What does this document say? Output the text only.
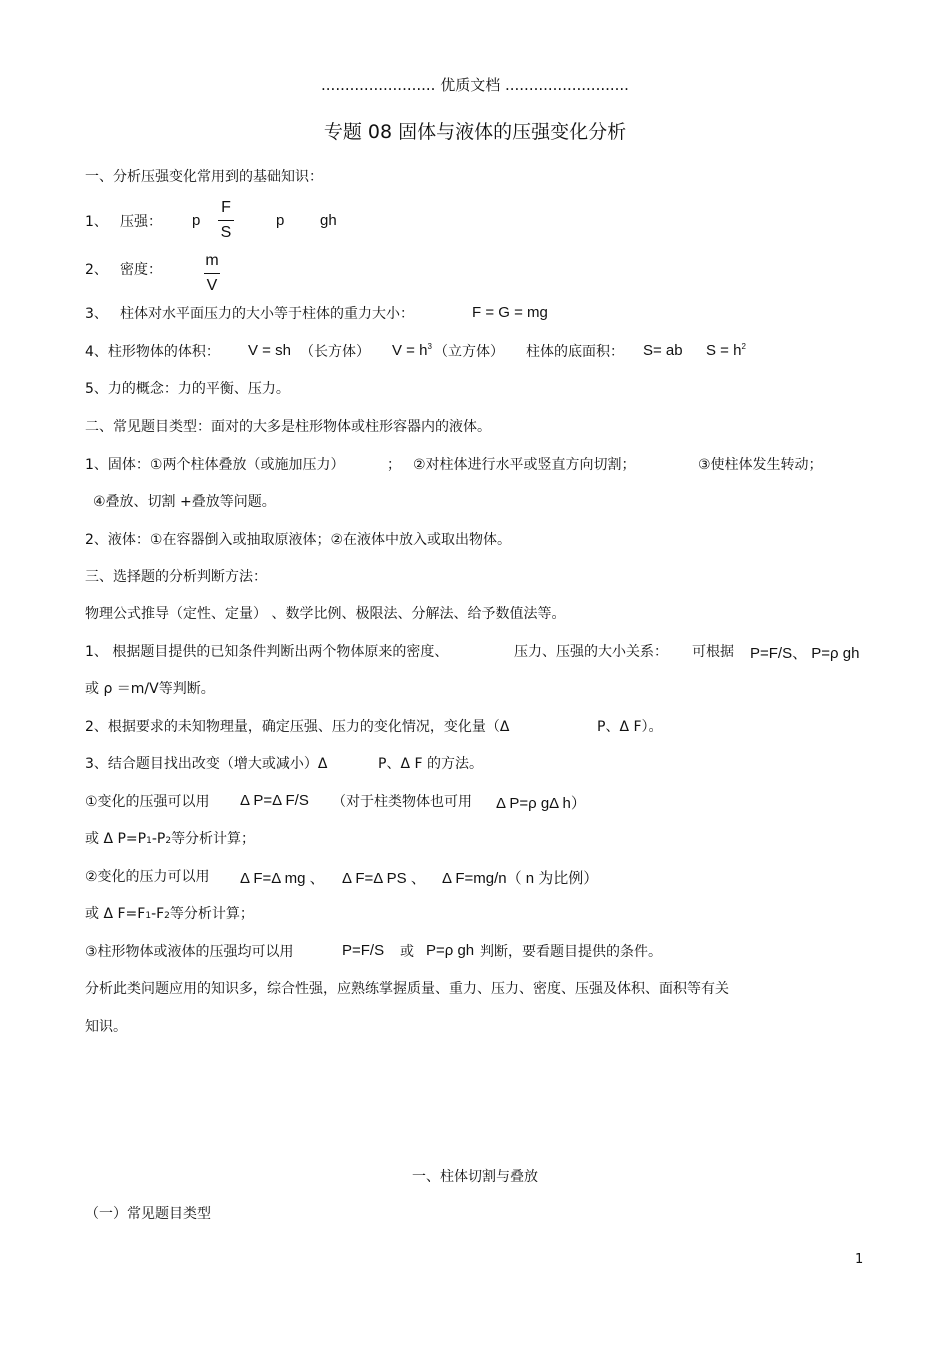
........................ 优质文档 ..........................
专题 08 固体与液体的压强变化分析
一、分析压强变化常用到的基础知识：
1、 压强： p $\frac{F}{S}$	p gh
2、 密度：	$\frac{m}{V}$
3、 柱体对水平面压力的大小等于柱体的重力大小：	F = G = mg
4、柱形物体的体积： V = sh （长方体） $V = h^3$ （立方体） 柱体的底面积： S= ab $S = h^2$
5、力的概念：力的平衡、压力。
二、常见题目类型：面对的大多是柱形物体或柱形容器内的液体。
1、固体：①两个柱体叠放（或施加压力）	； ②对柱体进行水平或竖直方向切割；	③使柱体发生转动；
④叠放、切割 +叠放等问题。
2、液体：①在容器倒入或抽取原液体；②在液体中放入或取出物体。
三、选择题的分析判断方法：
物理公式推导（定性、定量） 、数学比例、极限法、分解法、给予数值法等。
1、 根据题目提供的已知条件判断出两个物体原来的密度、	压力、压强的大小关系： 可根据 P=F/S、 P=ρ gh
或 ρ ＝m/V等判断。
2、根据要求的未知物理量，确定压强、压力的变化情况，变化量（Δ	P、Δ F）。
3、结合题目找出改变（增大或减小）Δ	P、Δ F 的方法。
①变化的压强可以用 Δ P=Δ F/S （对于柱类物体也可用 Δ P=ρ gΔ h）
或 Δ P=P1-P2等分析计算；
②变化的压力可以用 Δ F=Δ mg 、 Δ F=Δ PS 、 Δ F=mg/n（ n 为比例）
或 Δ F=F1-F2等分析计算；
③柱形物体或液体的压强均可以用	P=F/S 或 P=ρ gh 判断，要看题目提供的条件。
分析此类问题应用的知识多，综合性强，应熟练掌握质量、重力、压力、密度、压强及体积、面积等有关
知识。
一、柱体切割与叠放
（一）常见题目类型
1
